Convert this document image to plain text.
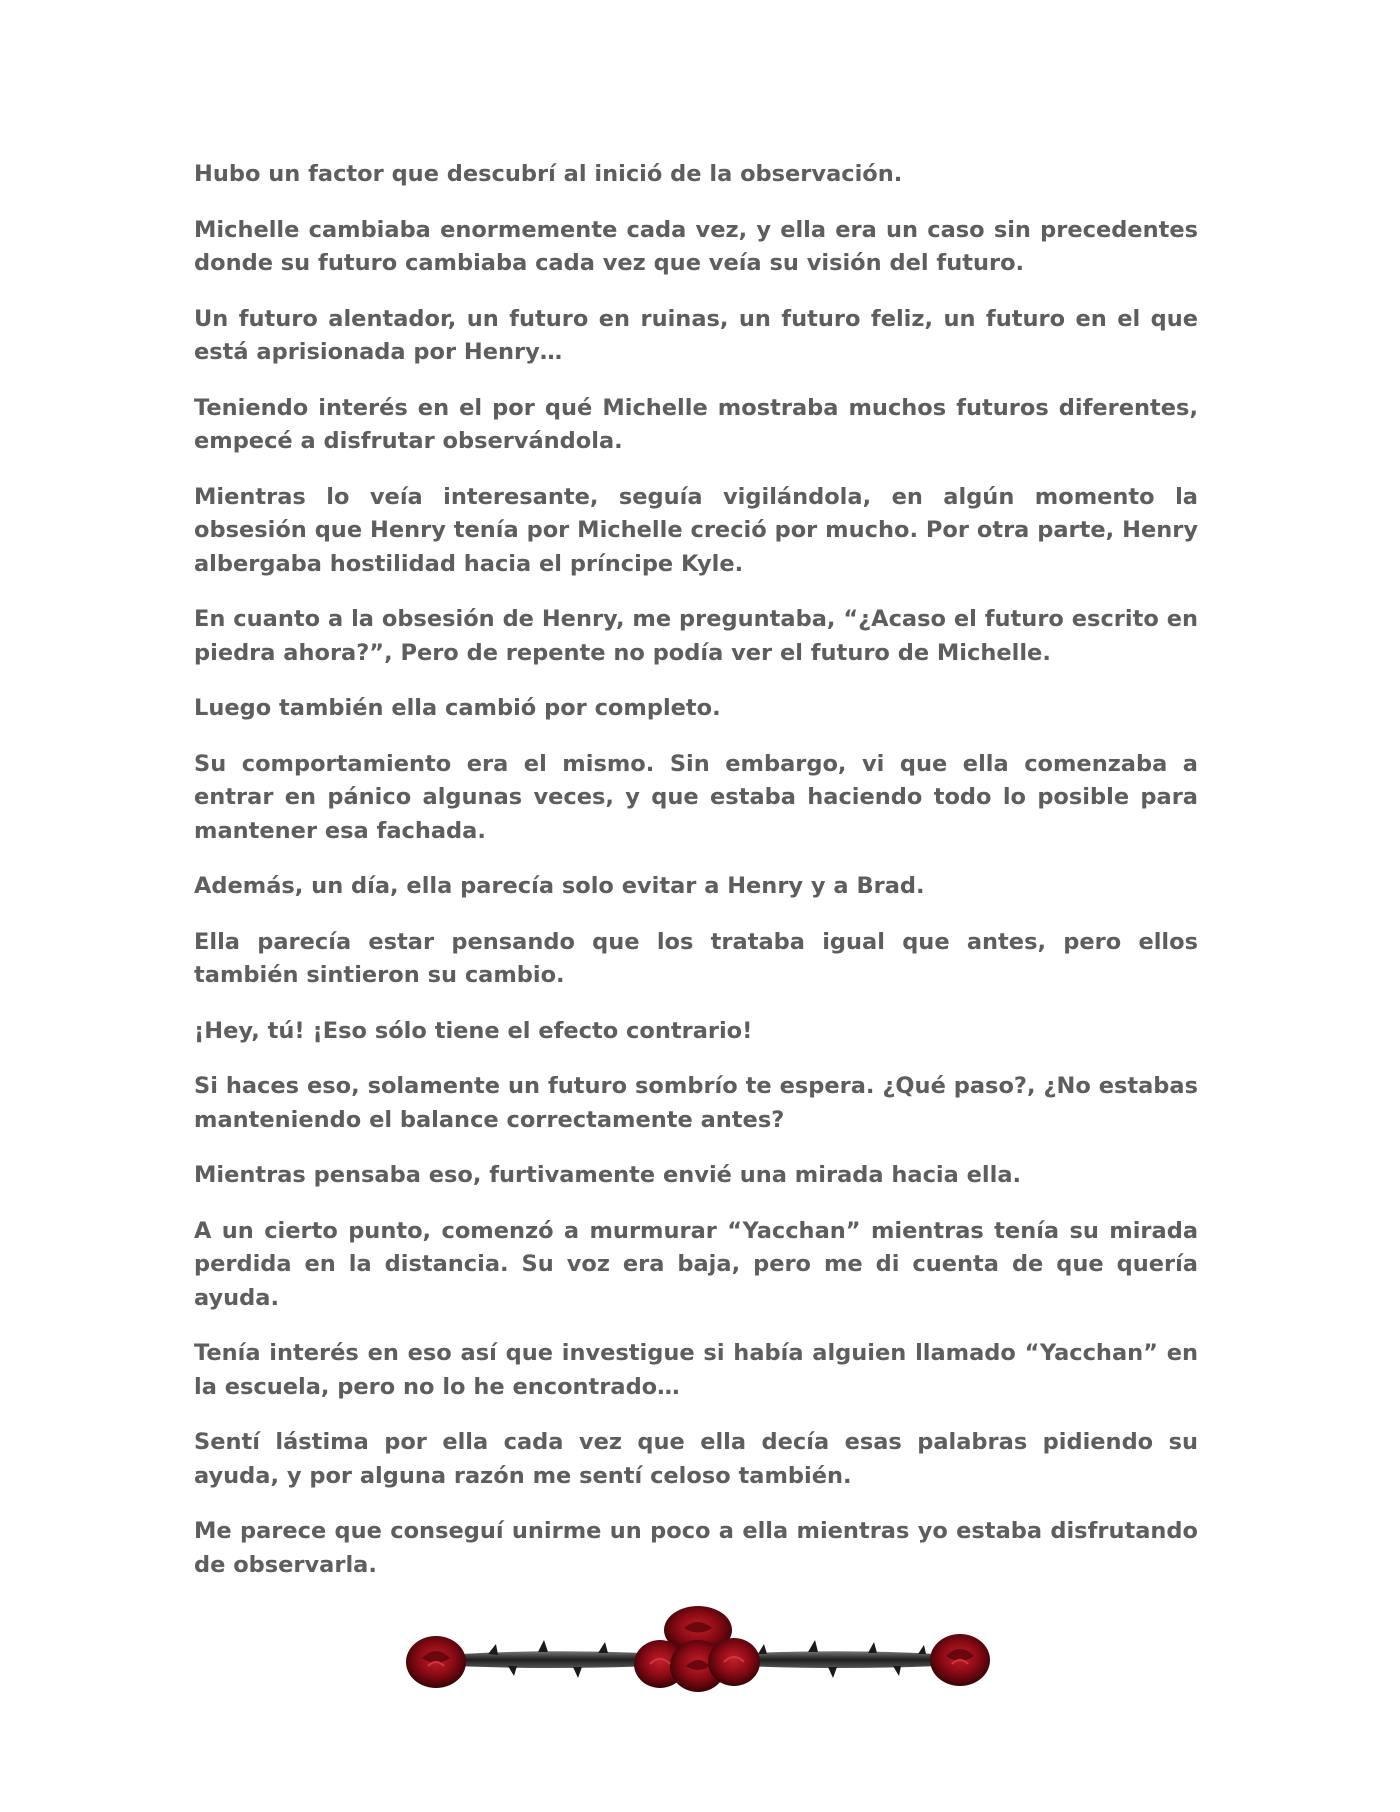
Hubo un factor que descubrí al inició de la observación.

Michelle cambiaba enormemente cada vez, y ella era un caso sin precedentes donde su futuro cambiaba cada vez que veía su visión del futuro.

Un futuro alentador, un futuro en ruinas, un futuro feliz, un futuro en el que está aprisionada por Henry…

Teniendo interés en el por qué Michelle mostraba muchos futuros diferentes, empecé a disfrutar observándola.

Mientras lo veía interesante, seguía vigilándola, en algún momento la obsesión que Henry tenía por Michelle creció por mucho. Por otra parte, Henry albergaba hostilidad hacia el príncipe Kyle.

En cuanto a la obsesión de Henry, me preguntaba, “¿Acaso el futuro escrito en piedra ahora?”, Pero de repente no podía ver el futuro de Michelle.

Luego también ella cambió por completo.

Su comportamiento era el mismo. Sin embargo, vi que ella comenzaba a entrar en pánico algunas veces, y que estaba haciendo todo lo posible para mantener esa fachada.

Además, un día, ella parecía solo evitar a Henry y a Brad.

Ella parecía estar pensando que los trataba igual que antes, pero ellos también sintieron su cambio.

¡Hey, tú! ¡Eso sólo tiene el efecto contrario!

Si haces eso, solamente un futuro sombrío te espera. ¿Qué paso?, ¿No estabas manteniendo el balance correctamente antes?

Mientras pensaba eso, furtivamente envié una mirada hacia ella.

A un cierto punto, comenzó a murmurar “Yacchan” mientras tenía su mirada perdida en la distancia. Su voz era baja, pero me di cuenta de que quería ayuda.

Tenía interés en eso así que investigue si había alguien llamado “Yacchan” en la escuela, pero no lo he encontrado…

Sentí lástima por ella cada vez que ella decía esas palabras pidiendo su ayuda, y por alguna razón me sentí celoso también.

Me parece que conseguí unirme un poco a ella mientras yo estaba disfrutando de observarla.
